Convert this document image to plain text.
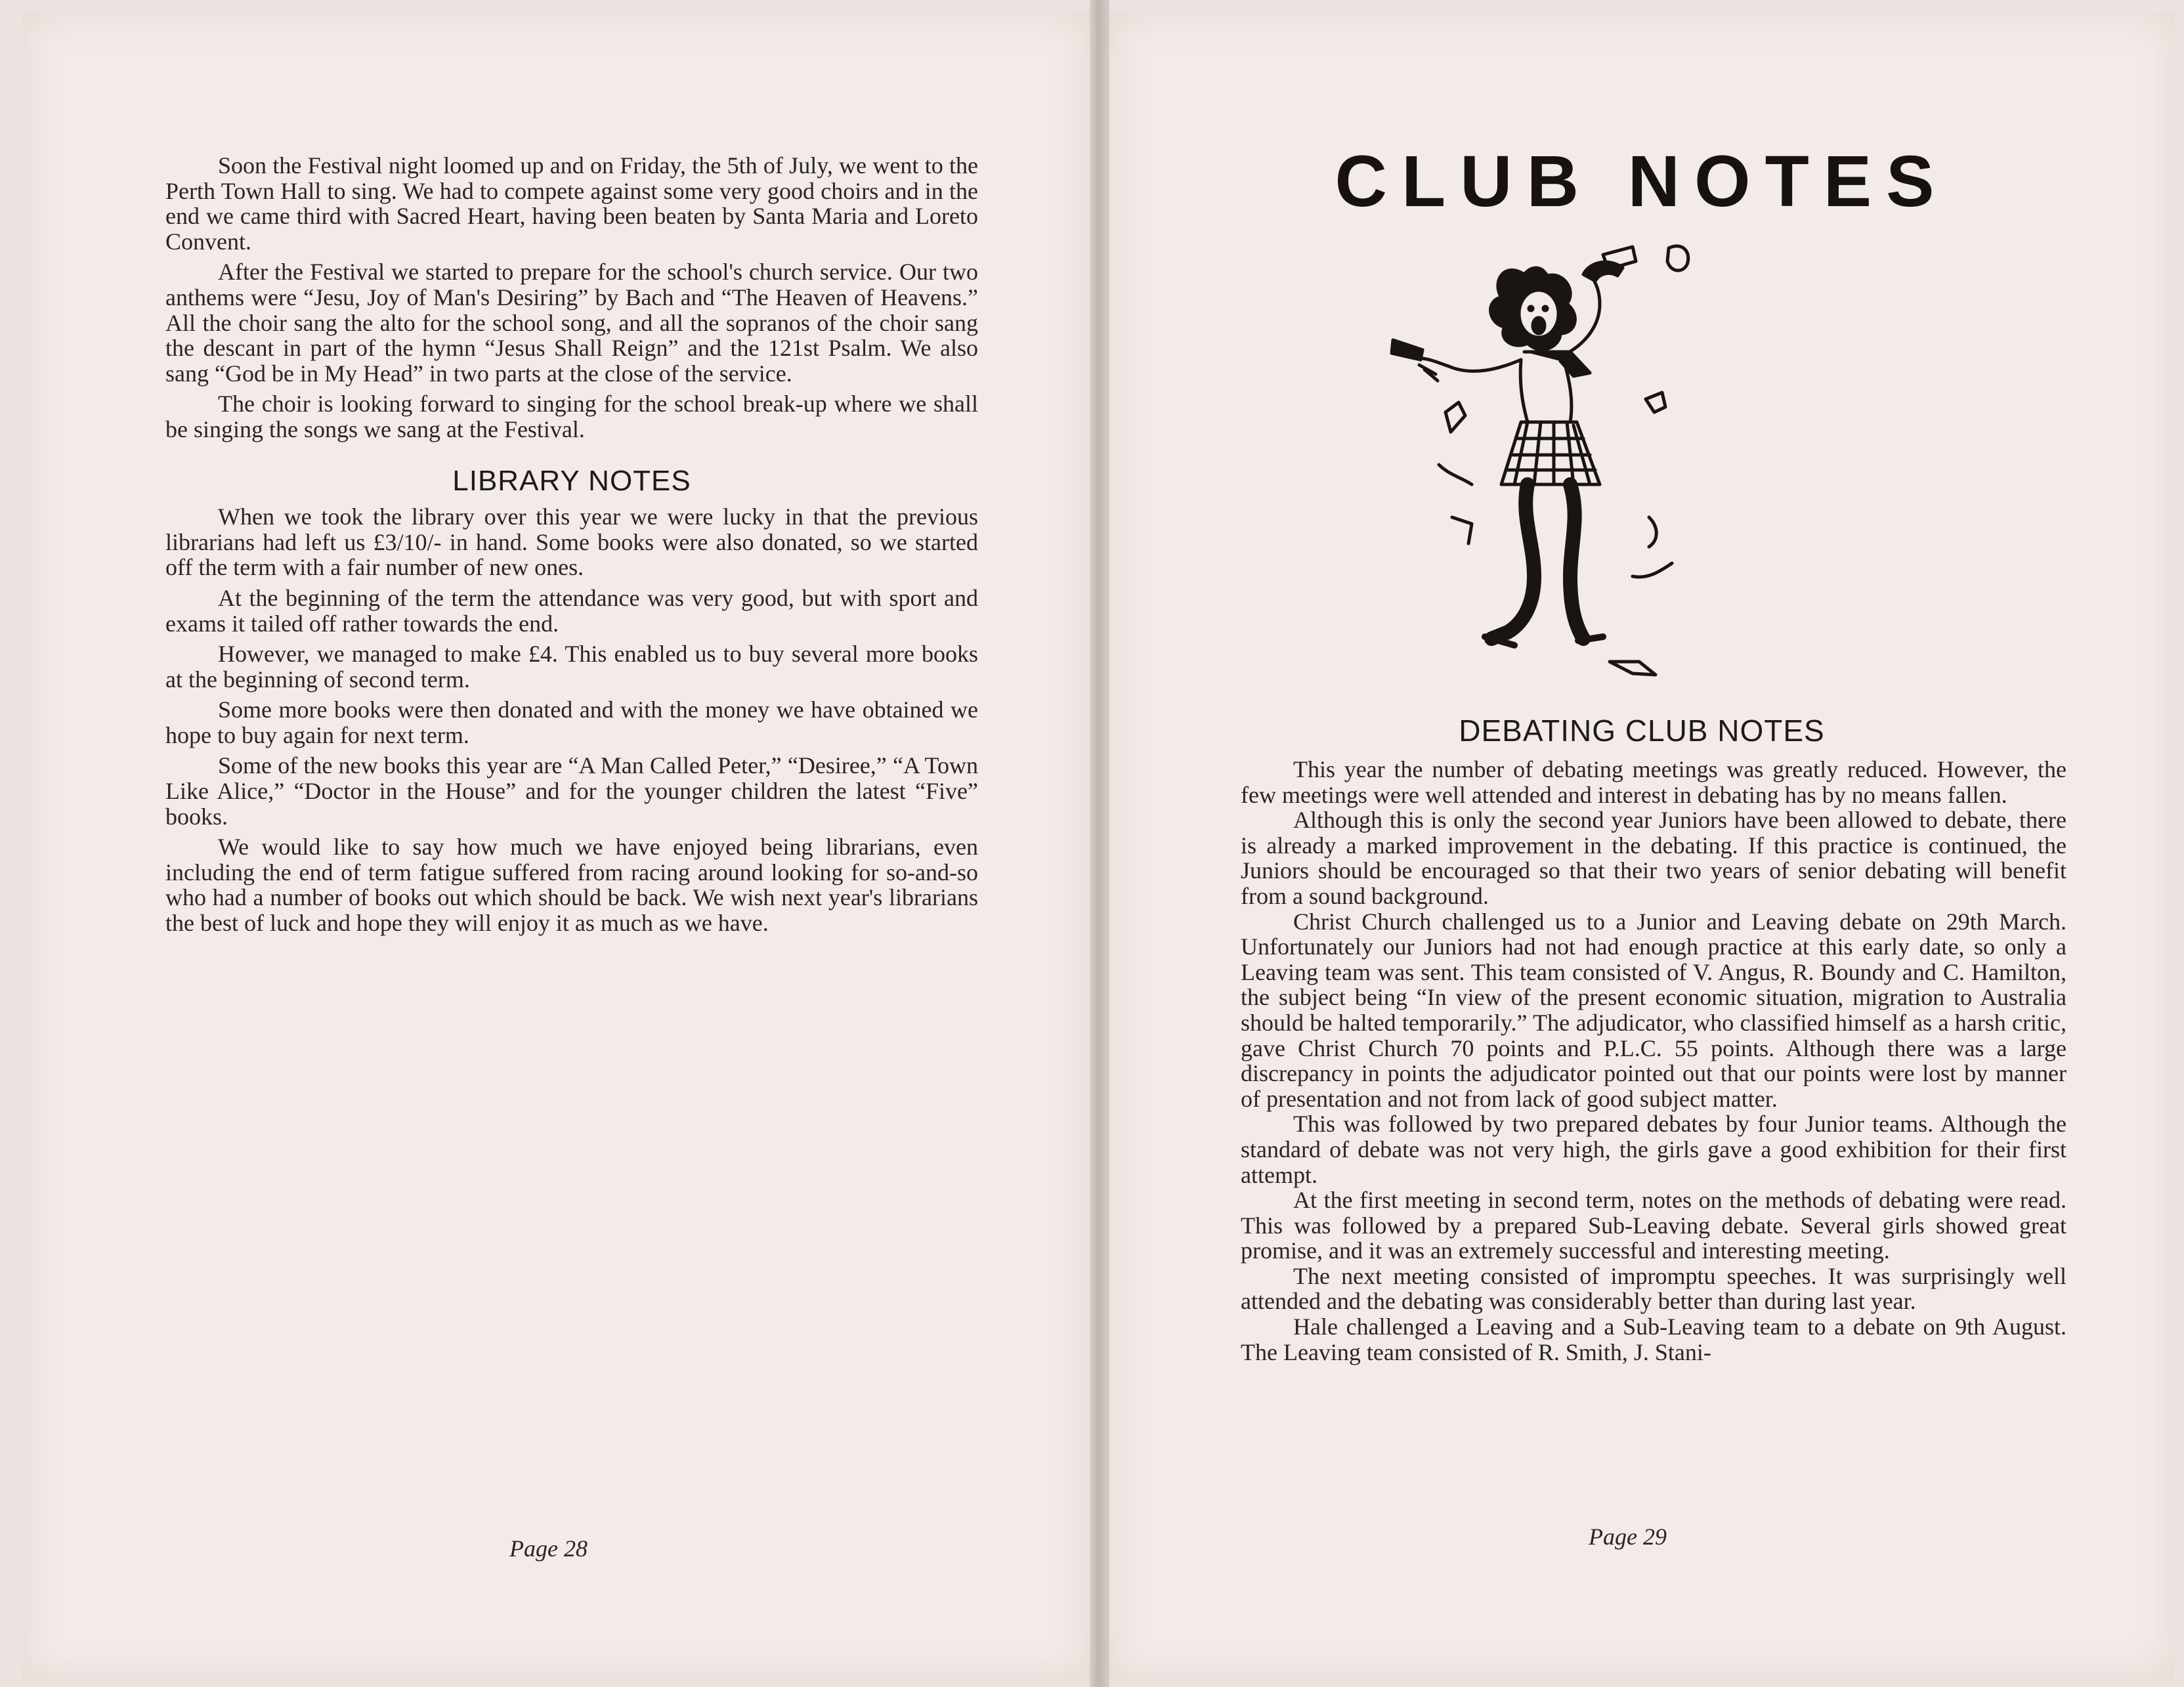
Soon the Festival night loomed up and on Friday, the 5th of July, we went to the Perth Town Hall to sing. We had to compete against some very good choirs and in the end we came third with Sacred Heart, having been beaten by Santa Maria and Loreto Convent.

After the Festival we started to prepare for the school's church service. Our two anthems were “Jesu, Joy of Man's Desiring” by Bach and “The Heaven of Heavens.” All the choir sang the alto for the school song, and all the sopranos of the choir sang the descant in part of the hymn “Jesus Shall Reign” and the 121st Psalm. We also sang “God be in My Head” in two parts at the close of the service.

The choir is looking forward to singing for the school break-up where we shall be singing the songs we sang at the Festival.

LIBRARY NOTES

When we took the library over this year we were lucky in that the previous librarians had left us £3/10/- in hand. Some books were also donated, so we started off the term with a fair number of new ones.

At the beginning of the term the attendance was very good, but with sport and exams it tailed off rather towards the end.

However, we managed to make £4. This enabled us to buy several more books at the beginning of second term.

Some more books were then donated and with the money we have obtained we hope to buy again for next term.

Some of the new books this year are “A Man Called Peter,” “Desiree,” “A Town Like Alice,” “Doctor in the House” and for the younger children the latest “Five” books.

We would like to say how much we have enjoyed being librarians, even including the end of term fatigue suffered from racing around looking for so-and-so who had a number of books out which should be back. We wish next year's librarians the best of luck and hope they will enjoy it as much as we have.

Page 28
CLUB NOTES
DEBATING CLUB NOTES

This year the number of debating meetings was greatly reduced. However, the few meetings were well attended and interest in debating has by no means fallen.

Although this is only the second year Juniors have been allowed to debate, there is already a marked improvement in the debating. If this practice is continued, the Juniors should be encouraged so that their two years of senior debating will benefit from a sound background.

Christ Church challenged us to a Junior and Leaving debate on 29th March. Unfortunately our Juniors had not had enough practice at this early date, so only a Leaving team was sent. This team consisted of V. Angus, R. Boundy and C. Hamilton, the subject being “In view of the present economic situation, migration to Australia should be halted temporarily.” The adjudicator, who classified himself as a harsh critic, gave Christ Church 70 points and P.L.C. 55 points. Although there was a large discrepancy in points the adjudicator pointed out that our points were lost by manner of presentation and not from lack of good subject matter.

This was followed by two prepared debates by four Junior teams. Although the standard of debate was not very high, the girls gave a good exhibition for their first attempt.

At the first meeting in second term, notes on the methods of debating were read. This was followed by a prepared Sub-Leaving debate. Several girls showed great promise, and it was an extremely successful and interesting meeting.

The next meeting consisted of impromptu speeches. It was surprisingly well attended and the debating was considerably better than during last year.

Hale challenged a Leaving and a Sub-Leaving team to a debate on 9th August. The Leaving team consisted of R. Smith, J. Stani-

Page 29
